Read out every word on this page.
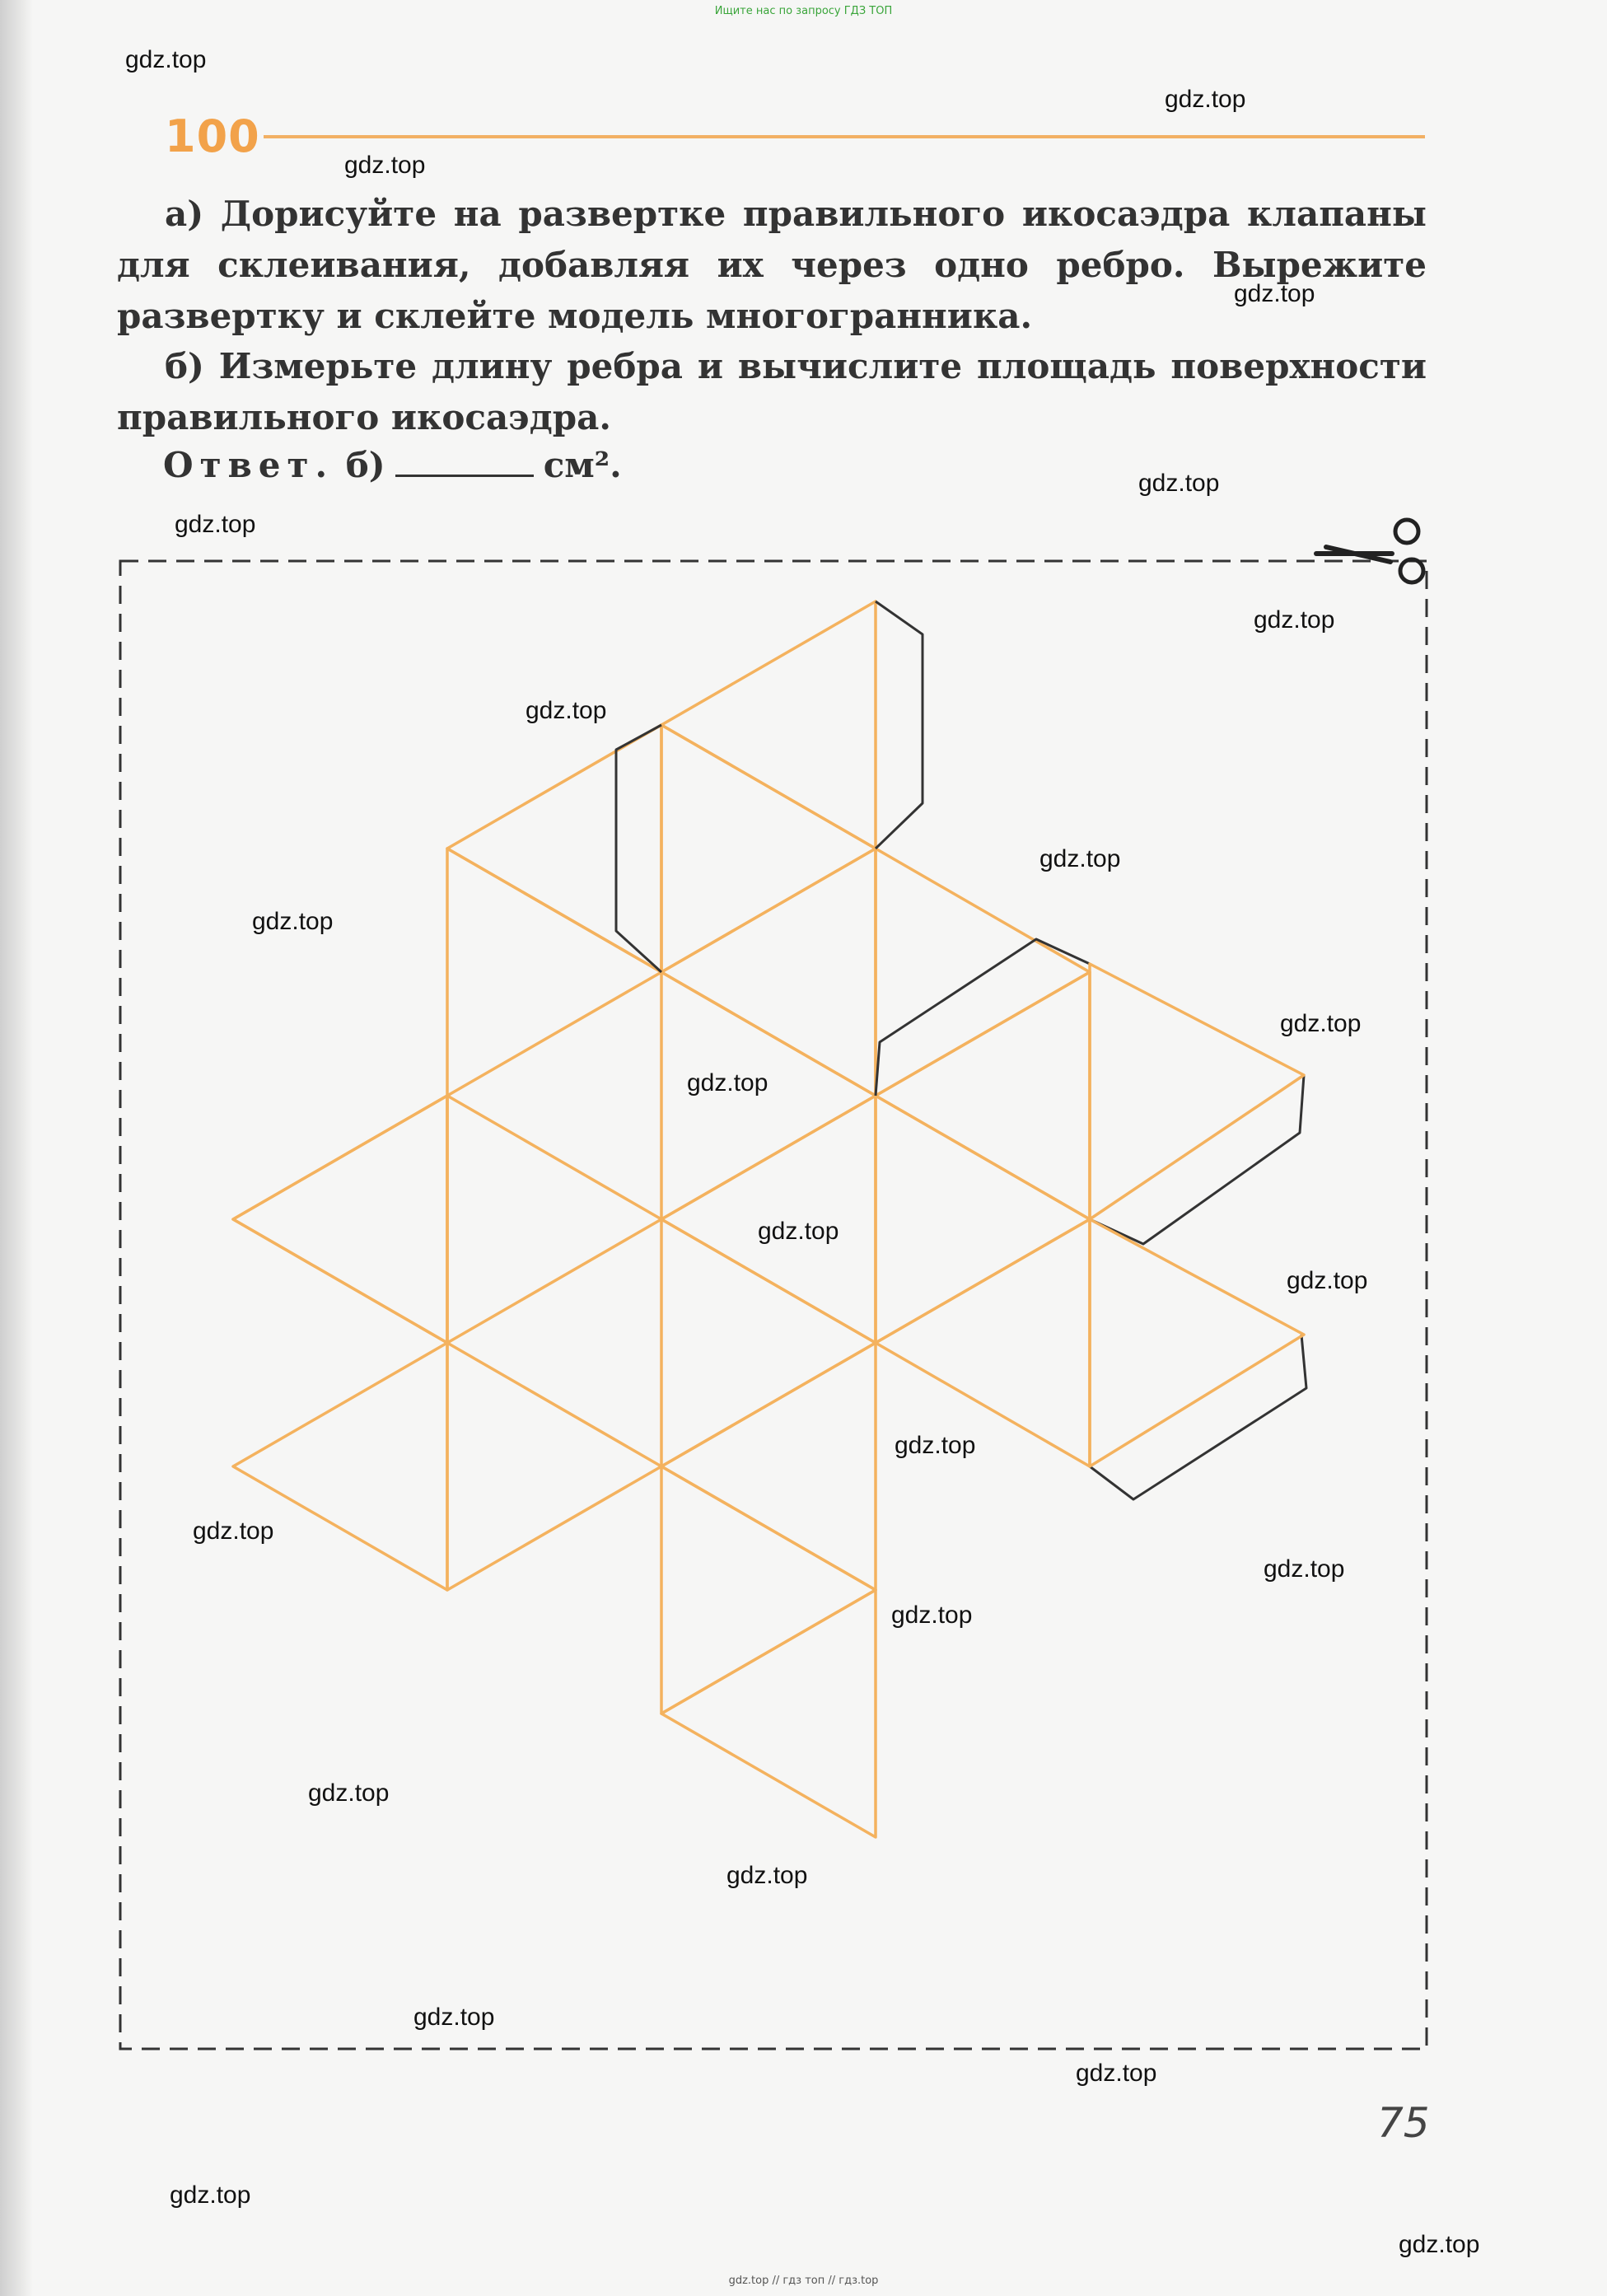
Ищите нас по запросу ГДЗ ТОП
100

а) Дорисуйте на развертке правильного икосаэдра клапаны для склеивания, добавляя их через одно ребро. Вырежите развертку и склейте модель многогранника.

б) Измерьте длину ребра и вычислите площадь поверхности правильного икосаэдра.

Ответ. б)	см².
75
gdz.top
gdz.top
gdz.top
gdz.top
gdz.top
gdz.top
gdz.top
gdz.top
gdz.top
gdz.top
gdz.top
gdz.top
gdz.top
gdz.top
gdz.top
gdz.top
gdz.top
gdz.top
gdz.top
gdz.top
gdz.top
gdz.top
gdz.top
gdz.top
gdz.top // гдз топ // гдз.top
